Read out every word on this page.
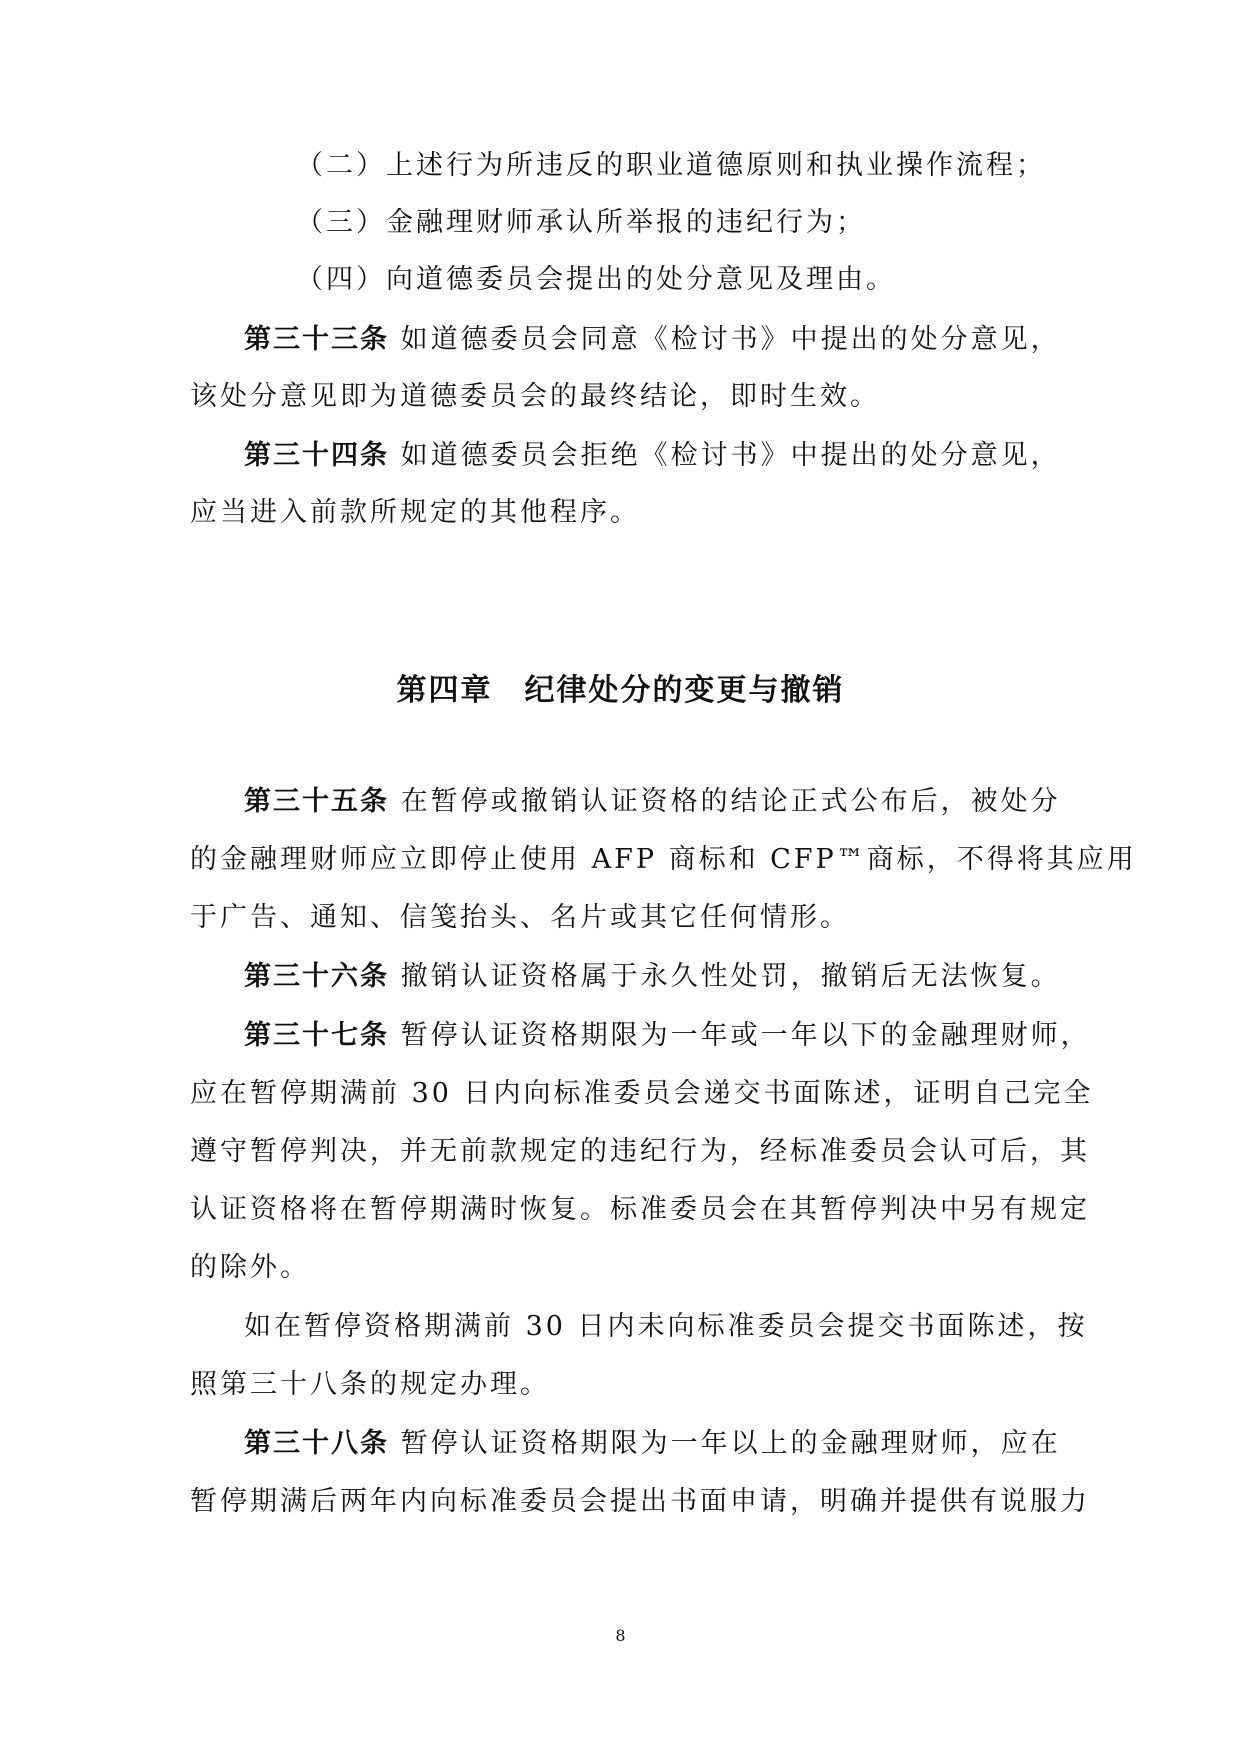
（二）上述行为所违反的职业道德原则和执业操作流程；
（三）金融理财师承认所举报的违纪行为；
（四）向道德委员会提出的处分意见及理由。
第三十三条 如道德委员会同意《检讨书》中提出的处分意见，
该处分意见即为道德委员会的最终结论，即时生效。
第三十四条 如道德委员会拒绝《检讨书》中提出的处分意见，
应当进入前款所规定的其他程序。
第四章　纪律处分的变更与撤销
第三十五条 在暂停或撤销认证资格的结论正式公布后，被处分
的金融理财师应立即停止使用 AFP 商标和 CFP™商标，不得将其应用
于广告、通知、信笺抬头、名片或其它任何情形。
第三十六条 撤销认证资格属于永久性处罚，撤销后无法恢复。
第三十七条 暂停认证资格期限为一年或一年以下的金融理财师，
应在暂停期满前 30 日内向标准委员会递交书面陈述，证明自己完全
遵守暂停判决，并无前款规定的违纪行为，经标准委员会认可后，其
认证资格将在暂停期满时恢复。标准委员会在其暂停判决中另有规定
的除外。
如在暂停资格期满前 30 日内未向标准委员会提交书面陈述，按
照第三十八条的规定办理。
第三十八条 暂停认证资格期限为一年以上的金融理财师，应在
暂停期满后两年内向标准委员会提出书面申请，明确并提供有说服力
8
